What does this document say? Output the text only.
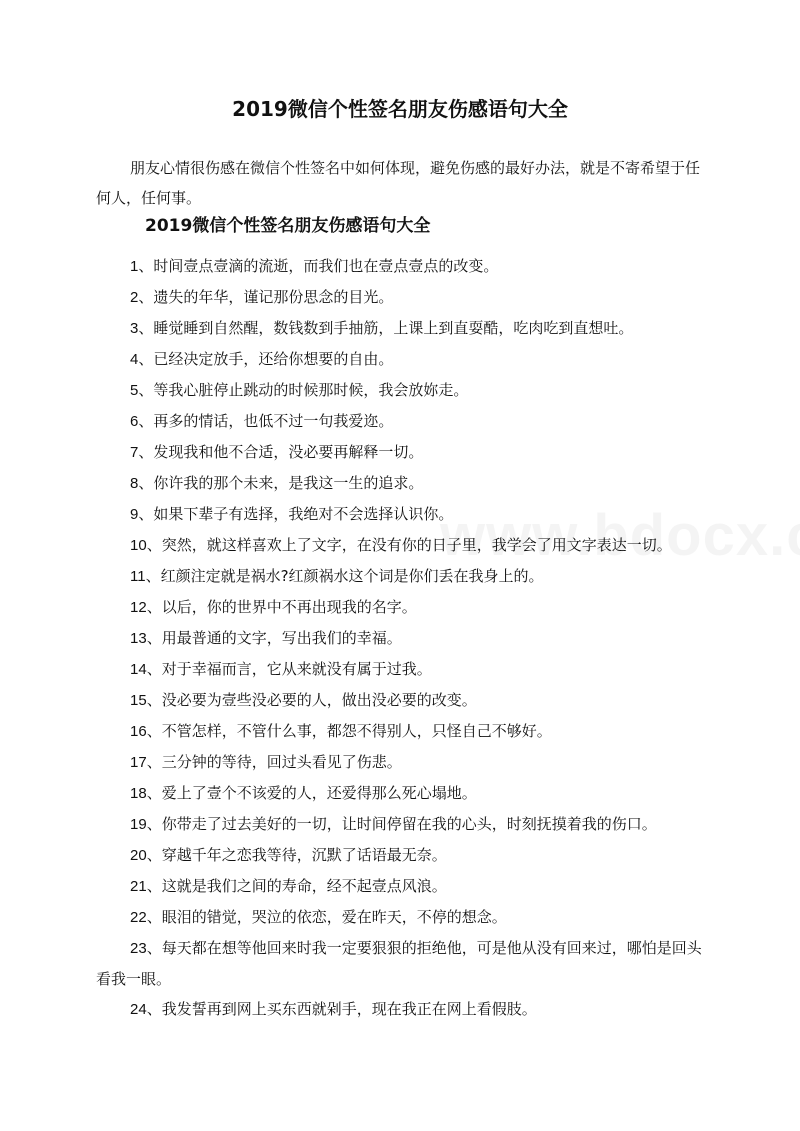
2019微信个性签名朋友伤感语句大全

朋友心情很伤感在微信个性签名中如何体现，避免伤感的最好办法，就是不寄希望于任何人，任何事。

2019微信个性签名朋友伤感语句大全
1、时间壹点壹滴的流逝，而我们也在壹点壹点的改变。
2、遗失的年华，谨记那份思念的目光。
3、睡觉睡到自然醒，数钱数到手抽筋，上课上到直耍酷，吃肉吃到直想吐。
4、已经决定放手，还给你想要的自由。
5、等我心脏停止跳动的时候那时候，我会放妳走。
6、再多的情话，也低不过一句莪爱迩。
7、发现我和他不合适，没必要再解释一切。
8、你许我的那个未来，是我这一生的追求。
9、如果下辈子有选择，我绝对不会选择认识你。
10、突然，就这样喜欢上了文字，在没有你的日子里，我学会了用文字表达一切。
11、红颜注定就是祸水?红颜祸水这个词是你们丢在我身上的。
12、以后，你的世界中不再出现我的名字。
13、用最普通的文字，写出我们的幸福。
14、对于幸福而言，它从来就没有属于过我。
15、没必要为壹些没必要的人，做出没必要的改变。
16、不管怎样，不管什么事，都怨不得别人，只怪自己不够好。
17、三分钟的等待，回过头看见了伤悲。
18、爱上了壹个不该爱的人，还爱得那么死心塌地。
19、你带走了过去美好的一切，让时间停留在我的心头，时刻抚摸着我的伤口。
20、穿越千年之恋我等待，沉默了话语最无奈。
21、这就是我们之间的寿命，经不起壹点风浪。
22、眼泪的错觉，哭泣的依恋，爱在昨天，不停的想念。
23、每天都在想等他回来时我一定要狠狠的拒绝他，可是他从没有回来过，哪怕是回头看我一眼。
24、我发誓再到网上买东西就剁手，现在我正在网上看假肢。
